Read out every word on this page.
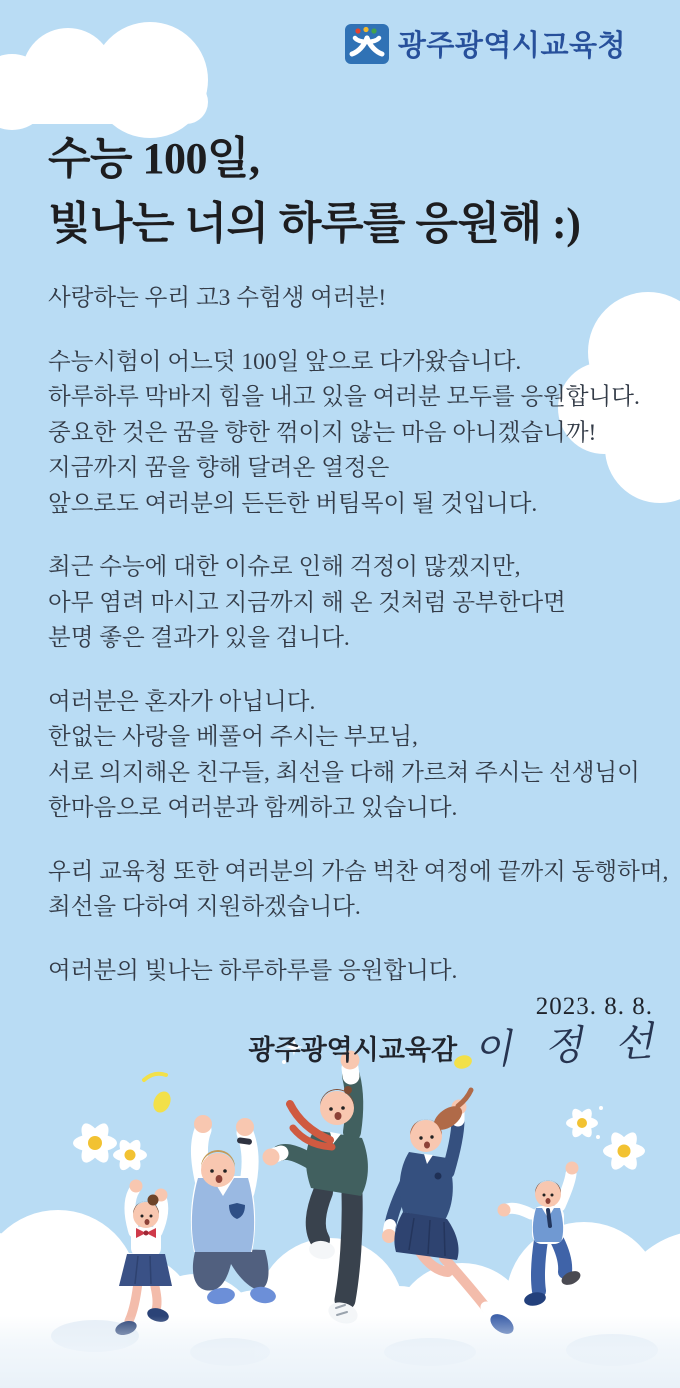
광주광역시교육청
수능 100일,
빛나는 너의 하루를 응원해 :)

사랑하는 우리 고3 수험생 여러분!

수능시험이 어느덧 100일 앞으로 다가왔습니다.
하루하루 막바지 힘을 내고 있을 여러분 모두를 응원합니다.
중요한 것은 꿈을 향한 꺾이지 않는 마음 아니겠습니까!
지금까지 꿈을 향해 달려온 열정은
앞으로도 여러분의 든든한 버팀목이 될 것입니다.

최근 수능에 대한 이슈로 인해 걱정이 많겠지만,
아무 염려 마시고 지금까지 해 온 것처럼 공부한다면
분명 좋은 결과가 있을 겁니다.

여러분은 혼자가 아닙니다.
한없는 사랑을 베풀어 주시는 부모님,
서로 의지해온 친구들, 최선을 다해 가르쳐 주시는 선생님이
한마음으로 여러분과 함께하고 있습니다.

우리 교육청 또한 여러분의 가슴 벅찬 여정에 끝까지 동행하며,
최선을 다하여 지원하겠습니다.

여러분의 빛나는 하루하루를 응원합니다.

2023. 8. 8.
광주광역시교육감 이 정 선
